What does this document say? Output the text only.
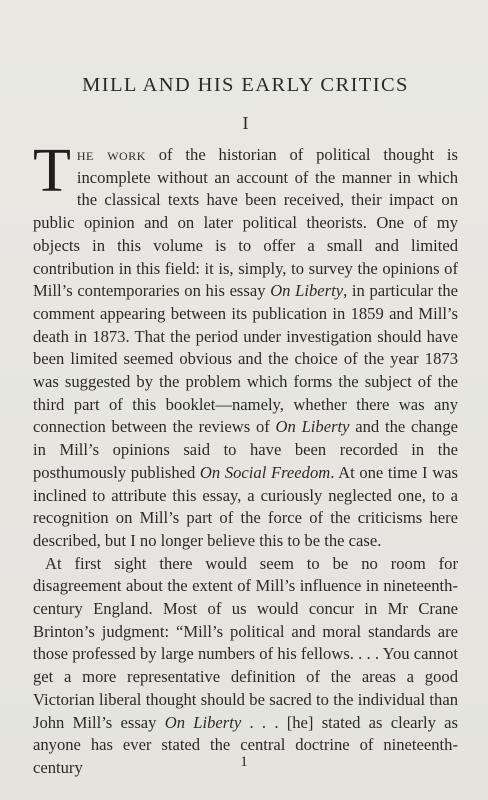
MILL AND HIS EARLY CRITICS
I

The work of the historian of political thought is incomplete without an account of the manner in which the classical texts have been received, their impact on public opinion and on later political theorists. One of my objects in this volume is to offer a small and limited contribution in this field: it is, simply, to survey the opinions of Mill’s contemporaries on his essay On Liberty, in particular the comment appearing between its publication in 1859 and Mill’s death in 1873. That the period under investigation should have been limited seemed obvious and the choice of the year 1873 was suggested by the problem which forms the subject of the third part of this booklet—namely, whether there was any connection between the reviews of On Liberty and the change in Mill’s opinions said to have been recorded in the posthumously published On Social Freedom. At one time I was inclined to attribute this essay, a curiously neglected one, to a recognition on Mill’s part of the force of the criticisms here described, but I no longer believe this to be the case.

At first sight there would seem to be no room for disagreement about the extent of Mill’s influence in nineteenth-century England. Most of us would concur in Mr Crane Brinton’s judgment: “Mill’s political and moral standards are those professed by large numbers of his fellows. . . . You cannot get a more representative definition of the areas a good Victorian liberal thought should be sacred to the individual than John Mill’s essay On Liberty . . . [he] stated as clearly as anyone has ever stated the central doctrine of nineteenth-century	1
